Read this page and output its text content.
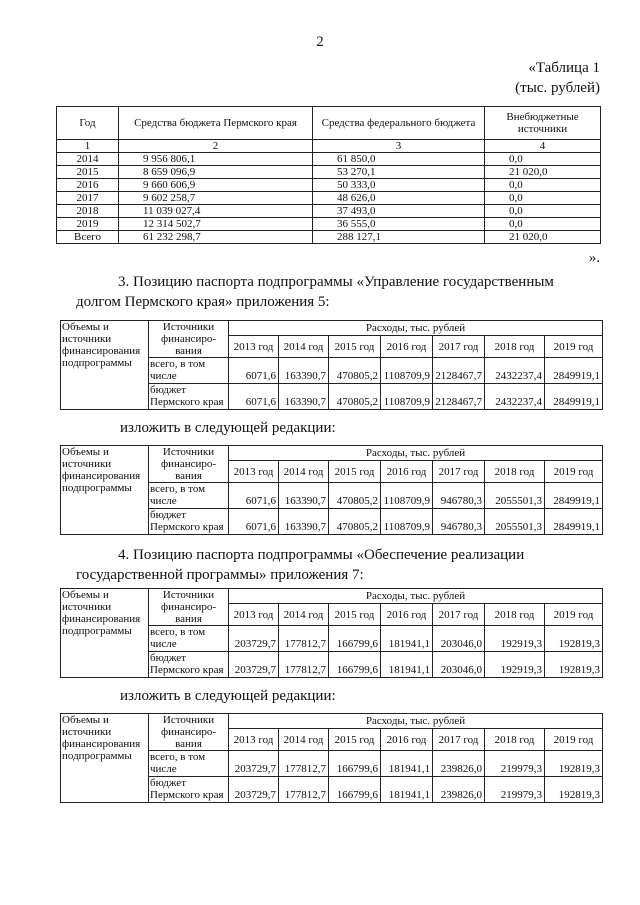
2
«Таблица 1
(тыс. рублей)
Год	Средства бюджета Пермского края	Средства федерального бюджета	Внебюджетные источники
1	2	3	4
2014	9 956 806,1	61 850,0	0,0
2015	8 659 096,9	53 270,1	21 020,0
2016	9 660 606,9	50 333,0	0,0
2017	9 602 258,7	48 626,0	0,0
2018	11 039 027,4	37 493,0	0,0
2019	12 314 502,7	36 555,0	0,0
Всего	61 232 298,7	288 127,1	21 020,0
».
3. Позицию паспорта подпрограммы «Управление государственным
долгом Пермского края» приложения 5:
Объемы и источники финансирования подпрограммы	Источники финансиро-вания	Расходы, тыс. рублей						
		2013 год	2014 год	2015 год	2016 год	2017 год	2018 год	2019 год
	всего, в том числе	6071,6	163390,7	470805,2	1108709,9	2128467,7	2432237,4	2849919,1
	бюджет Пермского края	6071,6	163390,7	470805,2	1108709,9	2128467,7	2432237,4	2849919,1
изложить в следующей редакции:
Объемы и источники финансирования подпрограммы	Источники финансиро-вания	Расходы, тыс. рублей						
		2013 год	2014 год	2015 год	2016 год	2017 год	2018 год	2019 год
	всего, в том числе	6071,6	163390,7	470805,2	1108709,9	946780,3	2055501,3	2849919,1
	бюджет Пермского края	6071,6	163390,7	470805,2	1108709,9	946780,3	2055501,3	2849919,1
4. Позицию паспорта подпрограммы «Обеспечение реализации
государственной программы» приложения 7:
Объемы и источники финансирования подпрограммы	Источники финансиро-вания	Расходы, тыс. рублей						
		2013 год	2014 год	2015 год	2016 год	2017 год	2018 год	2019 год
	всего, в том числе	203729,7	177812,7	166799,6	181941,1	203046,0	192919,3	192819,3
	бюджет Пермского края	203729,7	177812,7	166799,6	181941,1	203046,0	192919,3	192819,3
изложить в следующей редакции:
Объемы и источники финансирования подпрограммы	Источники финансиро-вания	Расходы, тыс. рублей						
		2013 год	2014 год	2015 год	2016 год	2017 год	2018 год	2019 год
	всего, в том числе	203729,7	177812,7	166799,6	181941,1	239826,0	219979,3	192819,3
	бюджет Пермского края	203729,7	177812,7	166799,6	181941,1	239826,0	219979,3	192819,3
